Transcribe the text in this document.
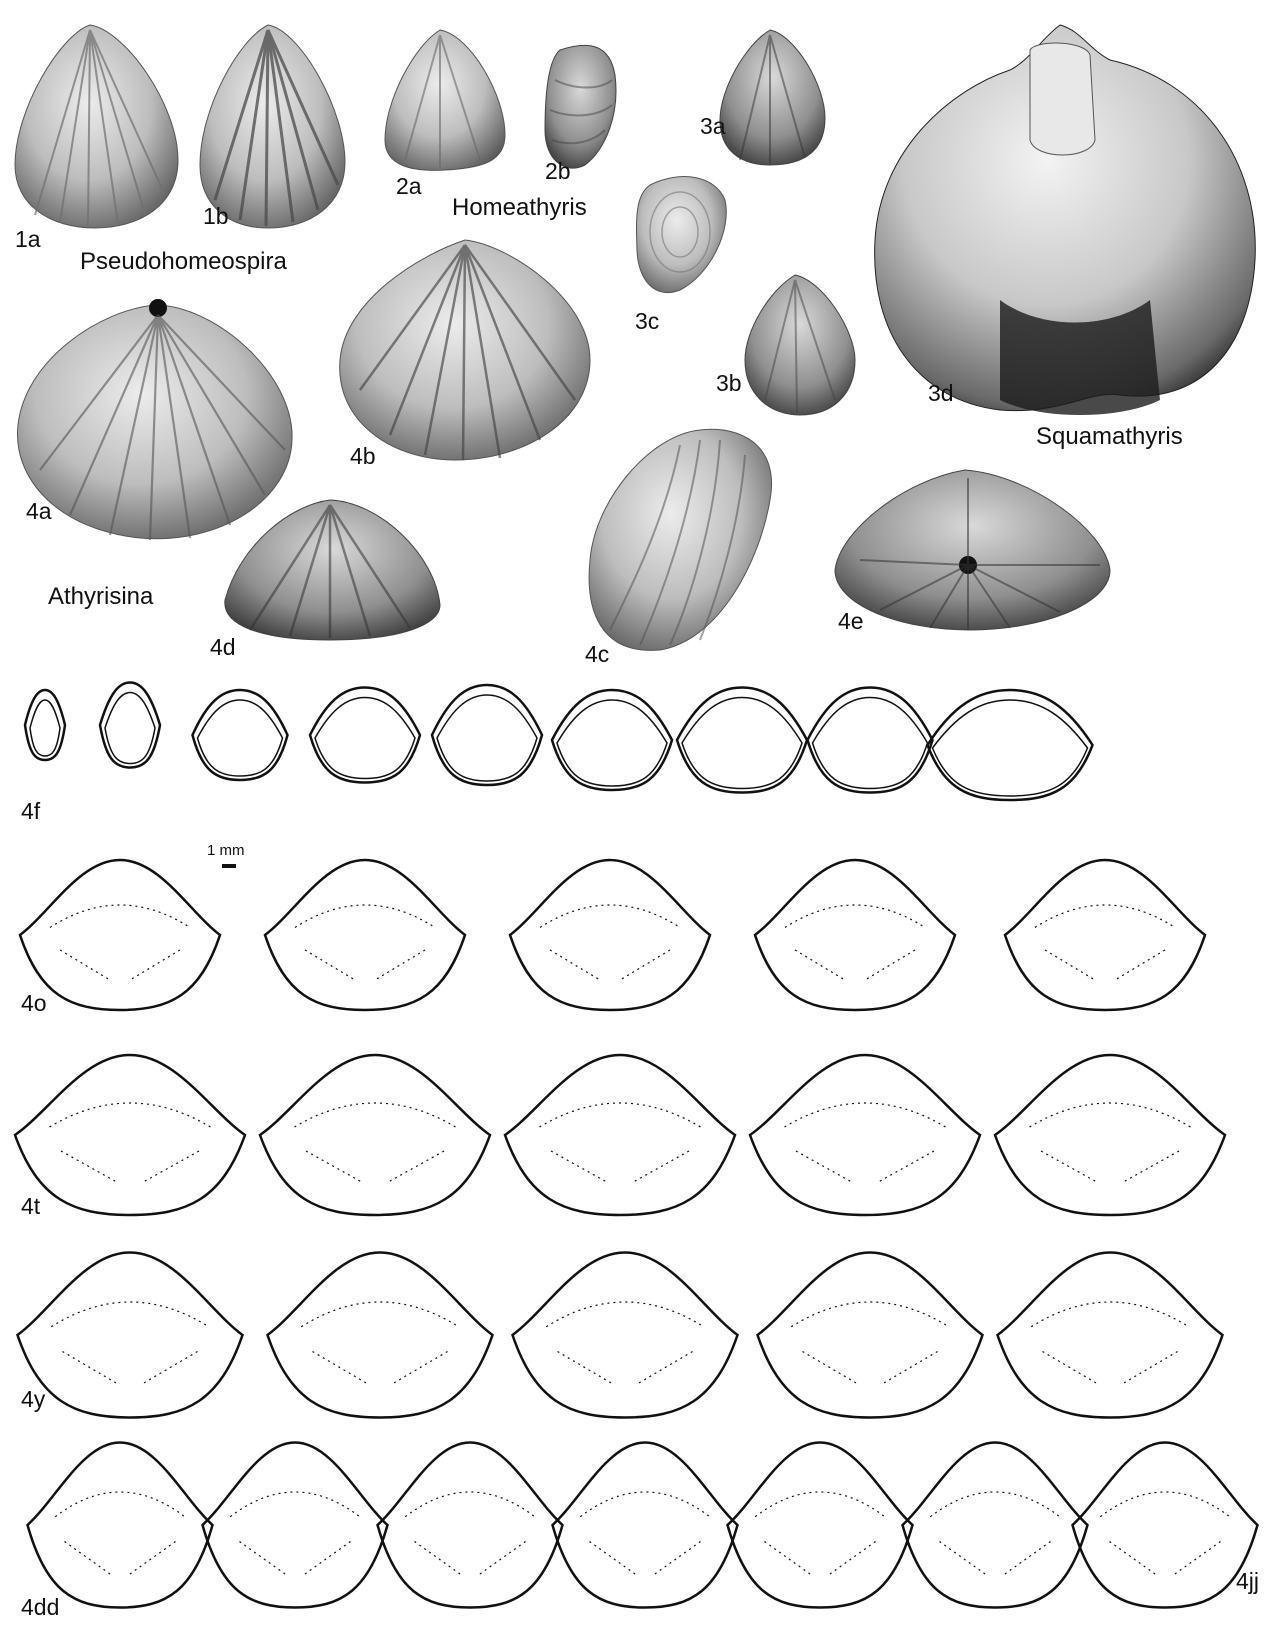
1a
1b
2a
2b
3a
3c
3b	3d
4a
4b
4d	4c
4e
Pseudohomeospira
Homeathyris
Squamathyris
Athyrisina
4f
1 mm
4o
4t
4y
4dd
4jj
